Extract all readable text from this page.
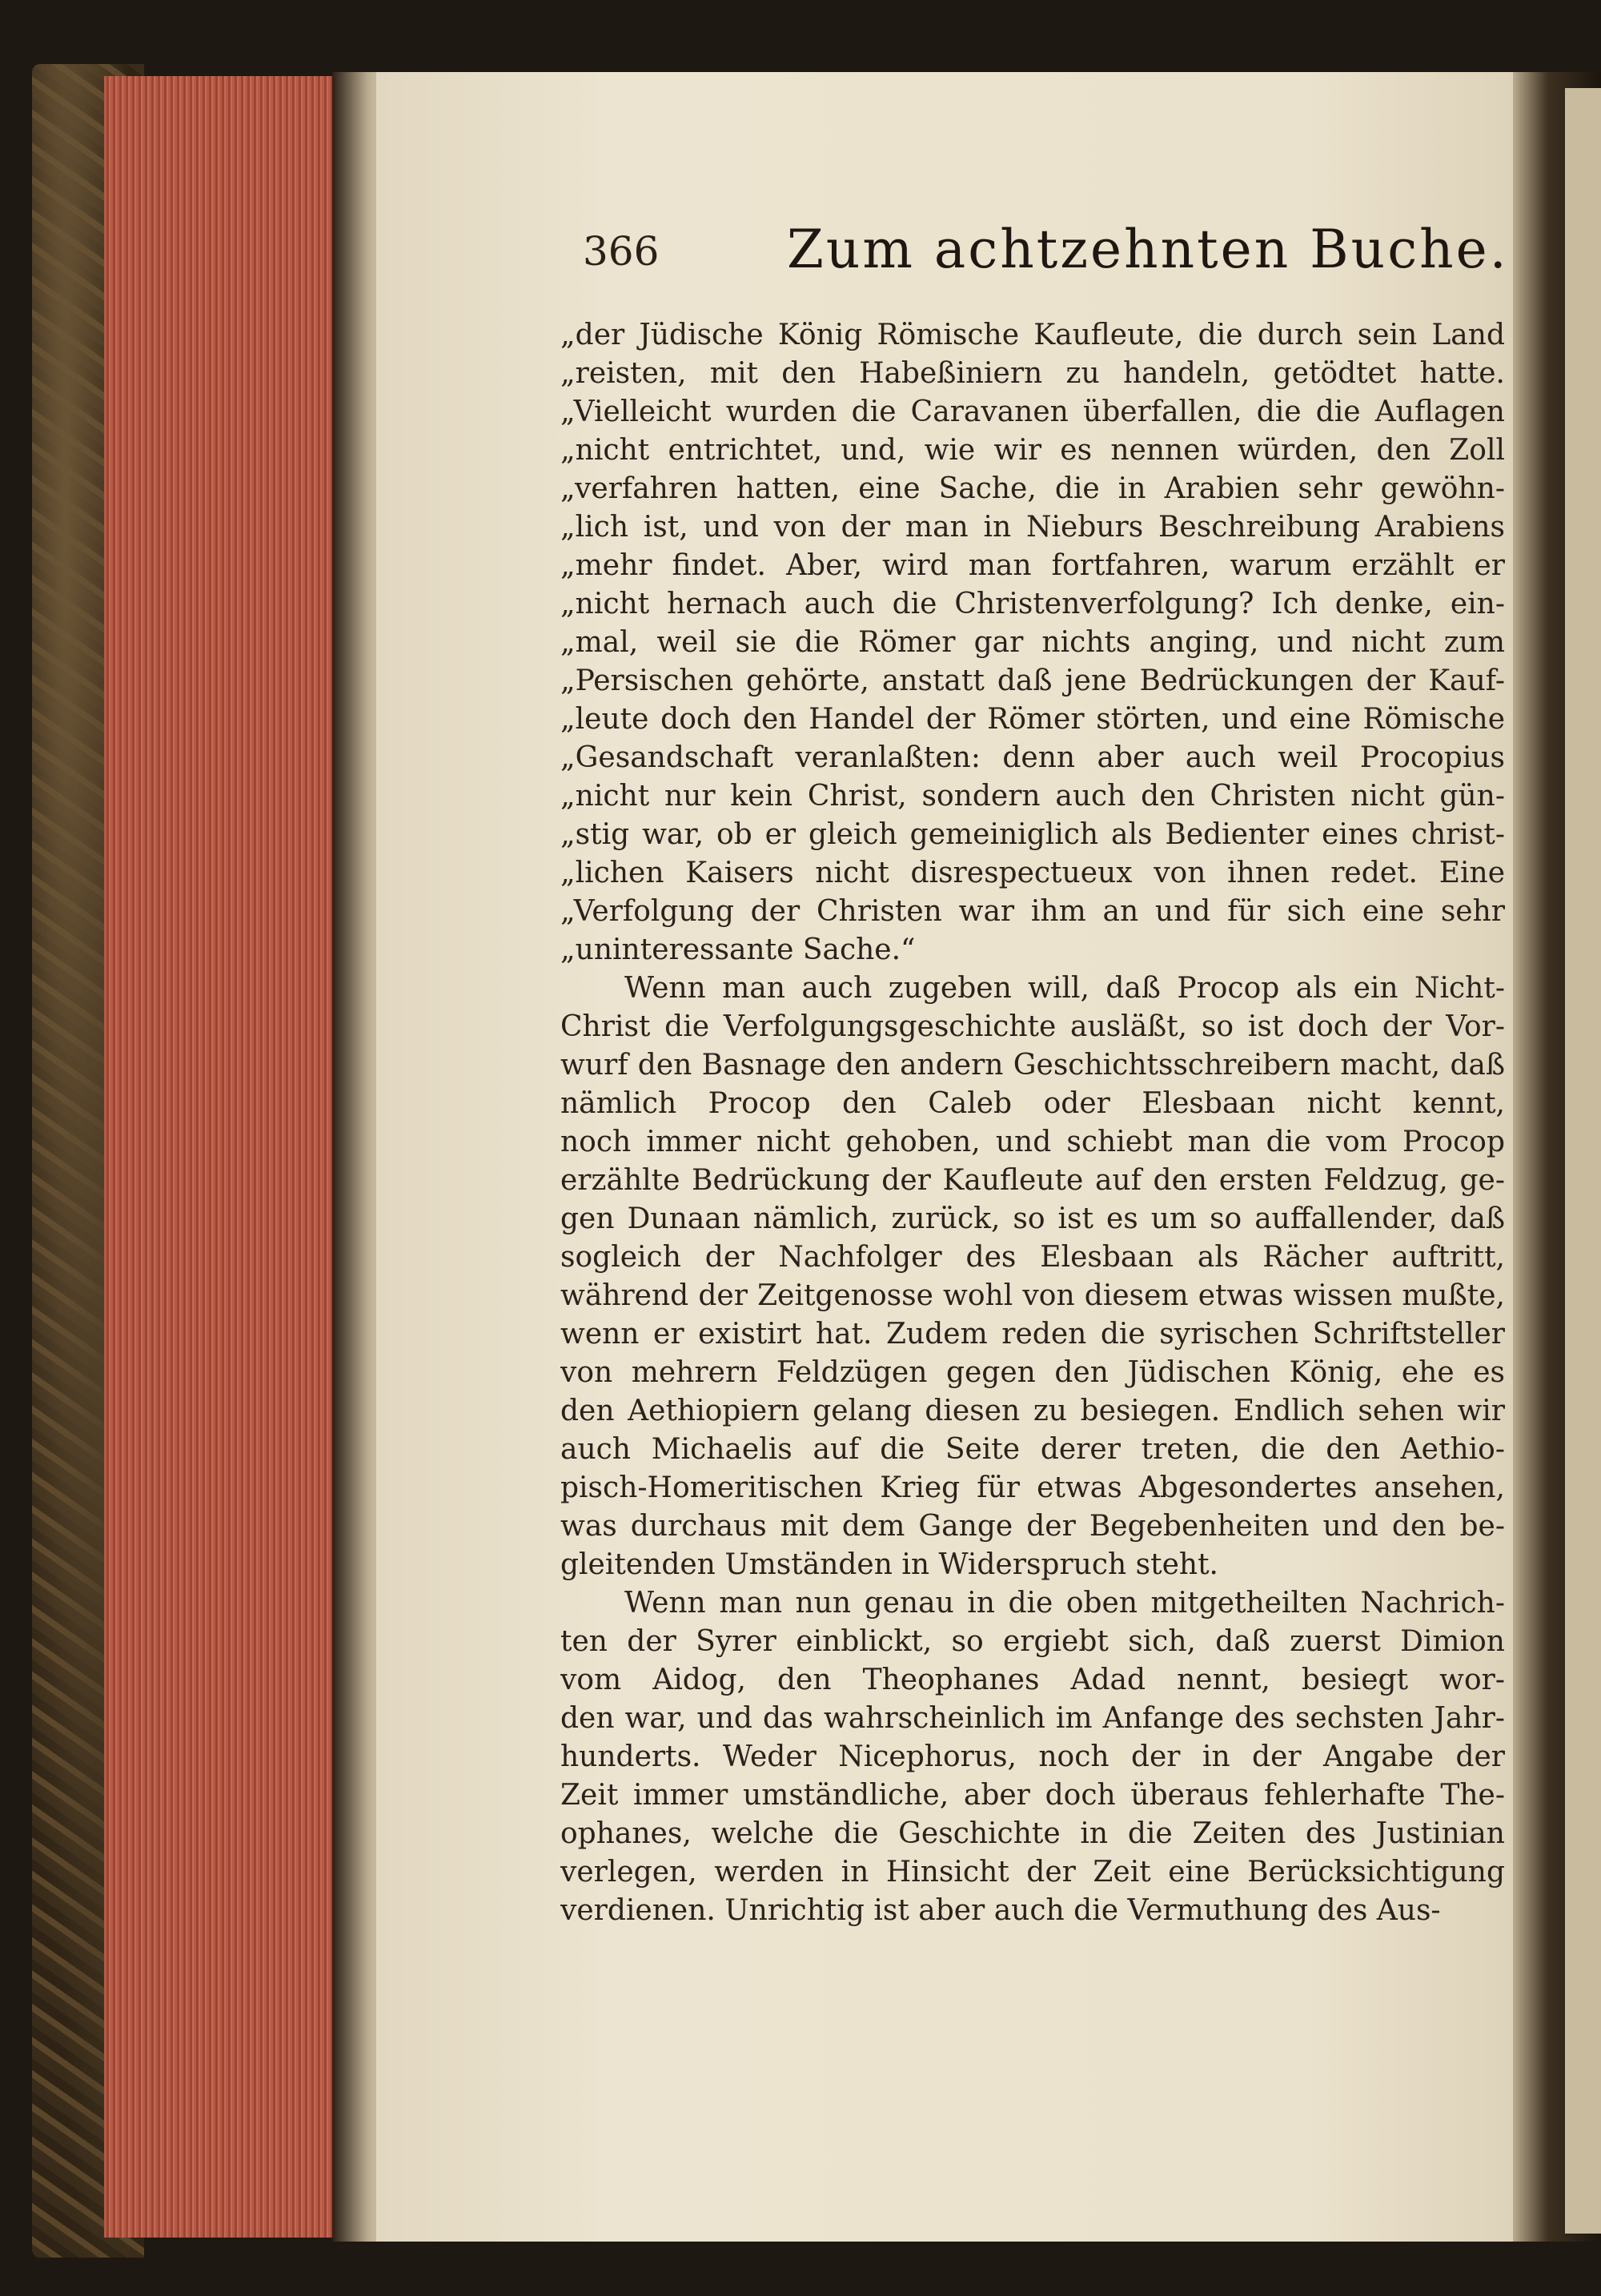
366 Zum achtzehnten Buche.
„der Jüdische König Römische Kaufleute, die durch sein Land
„reisten, mit den Habeßiniern zu handeln, getödtet hatte.
„Vielleicht wurden die Caravanen überfallen, die die Auflagen
„nicht entrichtet, und, wie wir es nennen würden, den Zoll
„verfahren hatten, eine Sache, die in Arabien sehr gewöhn-
„lich ist, und von der man in Nieburs Beschreibung Arabiens
„mehr findet. Aber, wird man fortfahren, warum erzählt er
„nicht hernach auch die Christenverfolgung? Ich denke, ein-
„mal, weil sie die Römer gar nichts anging, und nicht zum
„Persischen gehörte, anstatt daß jene Bedrückungen der Kauf-
„leute doch den Handel der Römer störten, und eine Römische
„Gesandschaft veranlaßten: denn aber auch weil Procopius
„nicht nur kein Christ, sondern auch den Christen nicht gün-
„stig war, ob er gleich gemeiniglich als Bedienter eines christ-
„lichen Kaisers nicht disrespectueux von ihnen redet. Eine
„Verfolgung der Christen war ihm an und für sich eine sehr
„uninteressante Sache.“
Wenn man auch zugeben will, daß Procop als ein Nicht-
Christ die Verfolgungsgeschichte ausläßt, so ist doch der Vor-
wurf den Basnage den andern Geschichtsschreibern macht, daß
nämlich Procop den Caleb oder Elesbaan nicht kennt,
noch immer nicht gehoben, und schiebt man die vom Procop
erzählte Bedrückung der Kaufleute auf den ersten Feldzug, ge-
gen Dunaan nämlich, zurück, so ist es um so auffallender, daß
sogleich der Nachfolger des Elesbaan als Rächer auftritt,
während der Zeitgenosse wohl von diesem etwas wissen mußte,
wenn er existirt hat. Zudem reden die syrischen Schriftsteller
von mehrern Feldzügen gegen den Jüdischen König, ehe es
den Aethiopiern gelang diesen zu besiegen. Endlich sehen wir
auch Michaelis auf die Seite derer treten, die den Aethio-
pisch-Homeritischen Krieg für etwas Abgesondertes ansehen,
was durchaus mit dem Gange der Begebenheiten und den be-
gleitenden Umständen in Widerspruch steht.
Wenn man nun genau in die oben mitgetheilten Nachrich-
ten der Syrer einblickt, so ergiebt sich, daß zuerst Dimion
vom Aidog, den Theophanes Adad nennt, besiegt wor-
den war, und das wahrscheinlich im Anfange des sechsten Jahr-
hunderts. Weder Nicephorus, noch der in der Angabe der
Zeit immer umständliche, aber doch überaus fehlerhafte The-
ophanes, welche die Geschichte in die Zeiten des Justinian
verlegen, werden in Hinsicht der Zeit eine Berücksichtigung
verdienen. Unrichtig ist aber auch die Vermuthung des Aus-
